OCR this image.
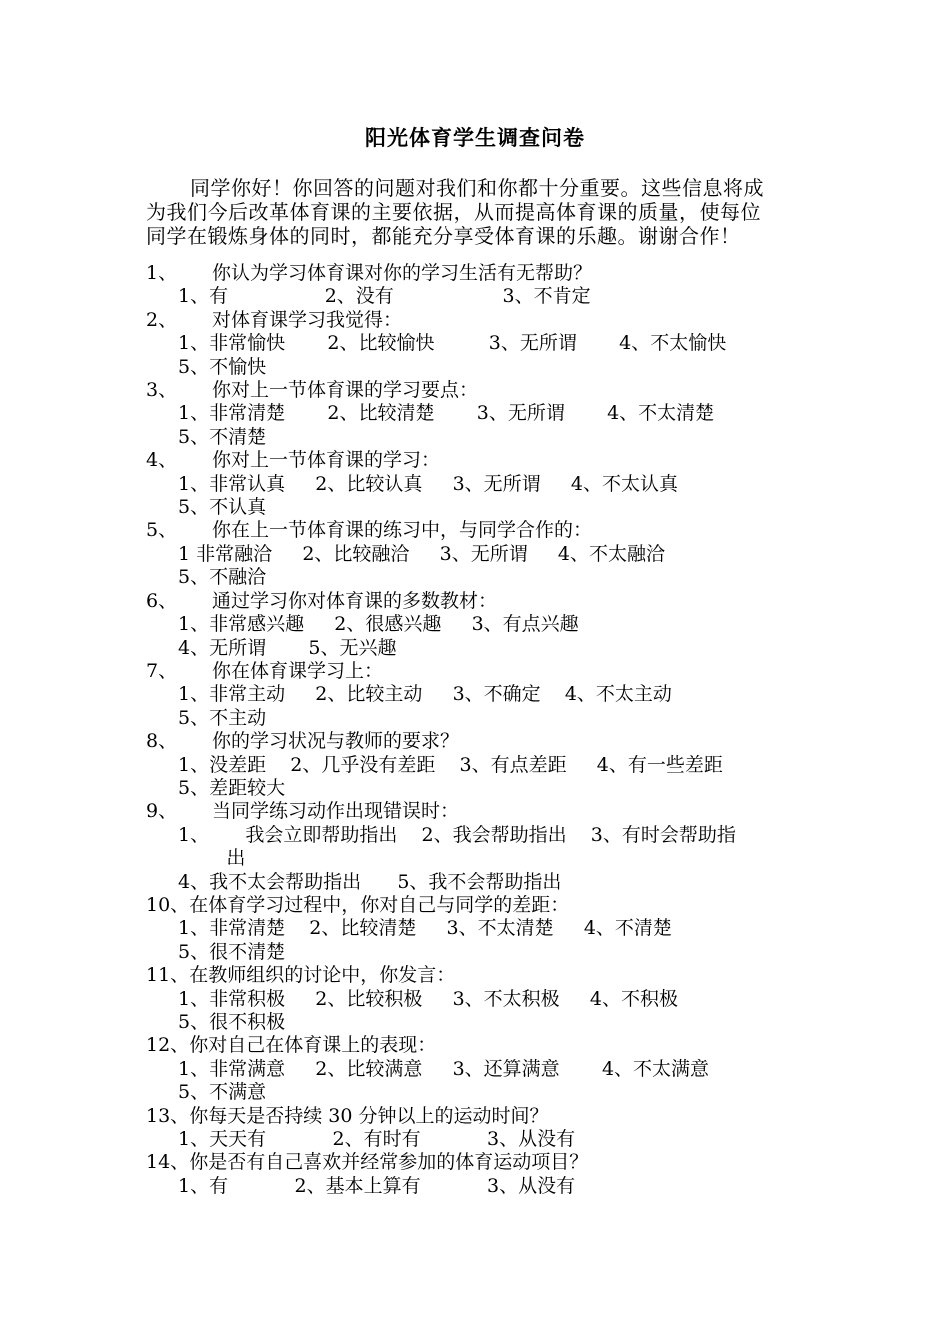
阳光体育学生调查问卷
同学你好！你回答的问题对我们和你都十分重要。这些信息将成
为我们今后改革体育课的主要依据，从而提高体育课的质量，使每位
同学在锻炼身体的同时，都能充分享受体育课的乐趣。谢谢合作！
1、 你认为学习体育课对你的学习生活有无帮助？
1、有                2、没有                  3、不肯定
2、 对体育课学习我觉得：
1、非常愉快       2、比较愉快         3、无所谓       4、不太愉快
5、不愉快
3、 你对上一节体育课的学习要点：
1、非常清楚       2、比较清楚       3、无所谓       4、不太清楚
5、不清楚
4、 你对上一节体育课的学习：
1、非常认真     2、比较认真     3、无所谓     4、不太认真
5、不认真
5、 你在上一节体育课的练习中，与同学合作的：
1 非常融洽     2、比较融洽     3、无所谓     4、不太融洽
5、不融洽
6、 通过学习你对体育课的多数教材：
1、非常感兴趣     2、很感兴趣     3、有点兴趣
4、无所谓       5、无兴趣
7、 你在体育课学习上：
1、非常主动     2、比较主动     3、不确定    4、不太主动
5、不主动
8、 你的学习状况与教师的要求？
1、没差距    2、几乎没有差距    3、有点差距     4、有一些差距
5、差距较大
9、 当同学练习动作出现错误时：
1、      我会立即帮助指出    2、我会帮助指出    3、有时会帮助指
出
4、我不太会帮助指出      5、我不会帮助指出
10、在体育学习过程中，你对自己与同学的差距：
1、非常清楚    2、比较清楚     3、不太清楚     4、不清楚
5、很不清楚
11、在教师组织的讨论中，你发言：
1、非常积极     2、比较积极     3、不太积极     4、不积极
5、很不积极
12、你对自己在体育课上的表现：
1、非常满意     2、比较满意     3、还算满意       4、不太满意
5、不满意
13、你每天是否持续 30 分钟以上的运动时间？
1、天天有           2、有时有           3、从没有
14、你是否有自己喜欢并经常参加的体育运动项目？
1、有           2、基本上算有           3、从没有
